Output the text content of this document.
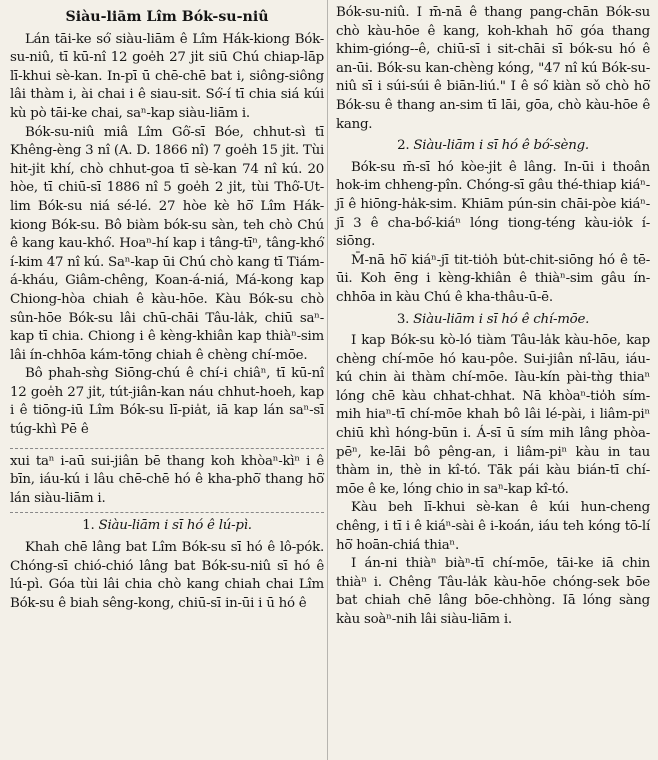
Siàu-liām Lîm Bók-su-niû

Lán tāi-ke só͘ siàu-liām ê Lîm Hák-kiong Bók-su-niû, tī kū-nî 12 goe̍h 27 ji̍t siū Chú chiap-lāp lī-khui sè-kan. In-pī ū chē-chē bat i, siông-siông lâi thàm i, ài chai i ê siau-sit. Só͘-í tī chia siá kúi kù pò tāi-ke chai, saⁿ-kap siàu-liām i.

Bók-su-niû miâ Lîm Gô͘-sī Bóe, chhut-sì tī Khêng-èng 3 nî (A. D. 1866 nî) 7 goe̍h 15 ji̍t. Tùi hit-ji̍t khí, chò chhut-goa tī sè-kan 74 nî kú. 20 hòe, tī chiū-sī 1886 nî 5 goe̍h 2 ji̍t, tùi Thô͘-Ut-lim Bók-su niá sé-lé. 27 hòe kè hō͘ Lîm Hák-kiong Bók-su. Bô biàm bók-su sàn, teh chò Chú ê kang kau-khó͘. Hoaⁿ-hí kap i tâng-tīⁿ, tâng-khó͘ í-kim 47 nî kú. Saⁿ-kap ūi Chú chò kang tī Tiám-á-kháu, Giâm-chêng, Koan-á-niá, Má-kong kap Chiong-hòa chiah ê kàu-hōe. Kàu Bók-su chò sûn-hōe Bók-su lâi chū-chāi Tâu-la̍k, chiū saⁿ-kap tī chia. Chiong i ê kèng-khiân kap thiàⁿ-sim lâi ín-chhōa kám-tōng chiah ê chèng chí-mōe.

Bô phah-sǹg Siōng-chú ê chí-i chiâⁿ, tī kū-nî 12 goe̍h 27 ji̍t, tút-jiân-kan náu chhut-hoeh, kap i ê tiōng-iū Lîm Bók-su lī-pia̍t, iā kap lán saⁿ-sī túg-khì Pē ê

xui taⁿ i-aū sui-jiân bē thang koh khòaⁿ-kìⁿ i ê bīn, iáu-kú i lâu chē-chē hó ê kha-phō͘ thang hō͘ lán siàu-liām i.

1. Siàu-liām i sī hó ê lú-pì.

Khah chē lâng bat Lîm Bók-su sī hó ê lô-pók. Chóng-sī chió-chió lâng bat Bók-su-niû sī hó ê lú-pì. Góa tùi lâi chia chò kang chiah chai Lîm Bók-su ê biah sêng-kong, chiū-sī in-ūi i ū hó ê

Bók-su-niû. I m̄-nā ê thang pang-chān Bók-su chò kàu-hōe ê kang, koh-khah hō͘ góa thang khim-gióng--ê, chiū-sī i sit-chāi sī bók-su hó ê an-ūi. Bók-su kan-chèng kóng, "47 nî kú Bók-su-niû sī i súi-súi ê biān-liú." I ê só͘ kiàn sǒ chò hō͘ Bók-su ê thang an-sim tī lāi, gōa, chò kàu-hōe ê kang.

2. Siàu-liām i sī hó ê bó͘-sèng.

Bók-su m̄-sī hó kòe-ji̍t ê lâng. In-ūi i thoân hok-im chheng-pîn. Chóng-sī gâu thé-thiap kiáⁿ-jī ê hiōng-ha̍k-sim. Khiām pún-sin chāi-pòe kiáⁿ-jī 3 ê cha-bó͘-kiáⁿ lóng tiong-téng kàu-io̍k í-siōng.

M̄-nā hō͘ kiáⁿ-jī tit-tio̍h bu̍t-chit-siōng hó ê tē-ūi. Koh ēng i kèng-khiân ê thiàⁿ-sim gâu ín-chhōa in kàu Chú ê kha-thâu-ū-ē.

3. Siàu-liām i sī hó ê chí-mōe.

I kap Bók-su kò-ló tiàm Tâu-la̍k kàu-hōe, kap chèng chí-mōe hó kau-pôe. Sui-jiân nî-lāu, iáu-kú chin ài thàm chí-mōe. Iàu-kín pài-tǹg thiaⁿ lóng chē kàu chhat-chhat. Nā khòaⁿ-tio̍h sím-mih hiaⁿ-tī chí-mōe khah bô lâi lé-pài, i liâm-piⁿ chiū khì hóng-būn i. Á-sī ū sím mih lâng phòa-pēⁿ, ke-lāi bô pêng-an, i liâm-piⁿ kàu in tau thàm in, thè in kî-tó. Tāk pái kàu bián-tī chí-mōe ê ke, lóng chio in saⁿ-kap kî-tó.

Kàu beh lī-khui sè-kan ê kúi hun-cheng chêng, i tī i ê kiáⁿ-sài ê i-koán, iáu teh kóng tō-lí hō͘ hoān-chiá thiaⁿ.

I án-ni thiàⁿ biàⁿ-tī chí-mōe, tāi-ke iā chin thiàⁿ i. Chêng Tâu-la̍k kàu-hōe chóng-sek bōe bat chiah chē lâng bōe-chhòng. Iā lóng sàng kàu soàⁿ-nih lâi siàu-liām i.
